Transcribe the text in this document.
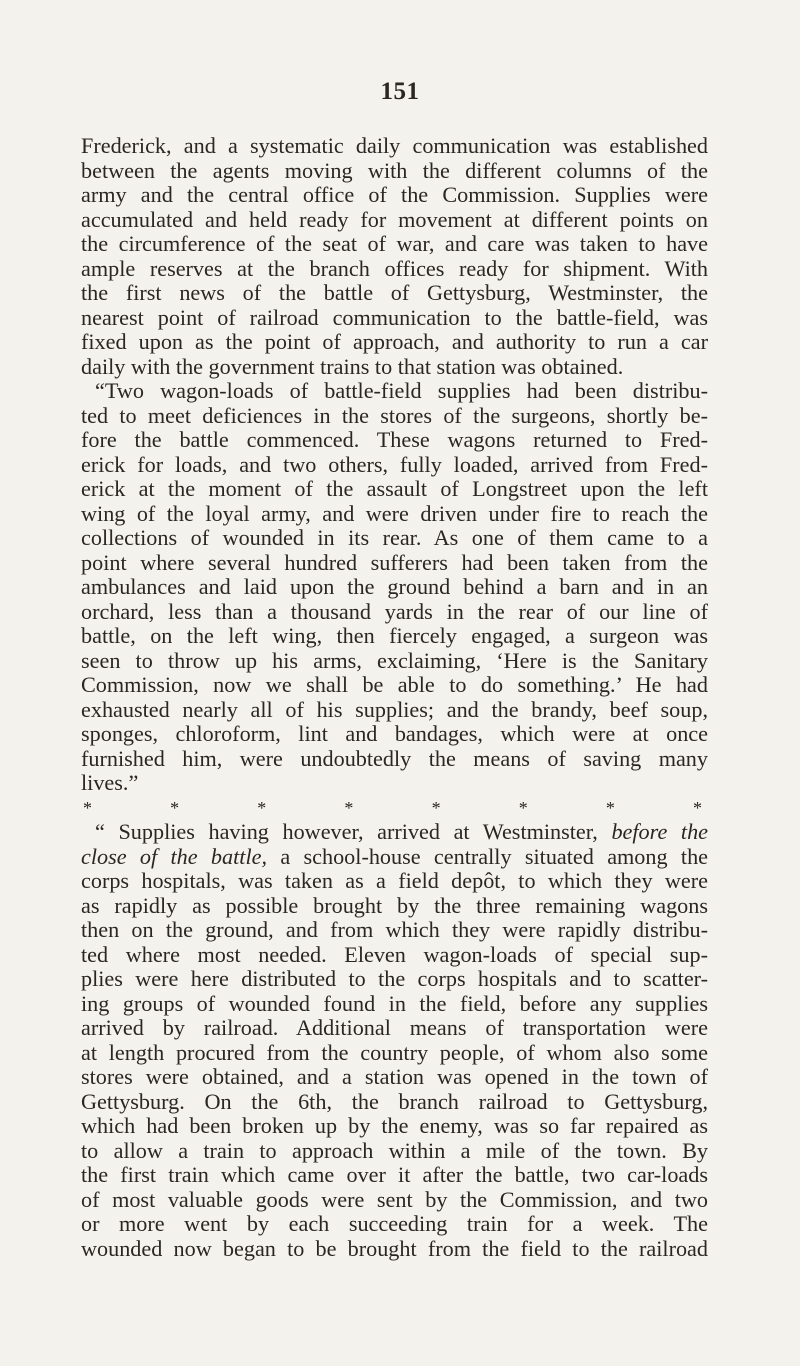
151
Frederick, and a systematic daily communication was established
between the agents moving with the different columns of the
army and the central office of the Commission. Supplies were
accumulated and held ready for movement at different points on
the circumference of the seat of war, and care was taken to have
ample reserves at the branch offices ready for shipment. With
the first news of the battle of Gettysburg, Westminster, the
nearest point of railroad communication to the battle-field, was
fixed upon as the point of approach, and authority to run a car
daily with the government trains to that station was obtained.
“Two wagon-loads of battle-field supplies had been distribu-
ted to meet deficiences in the stores of the surgeons, shortly be-
fore the battle commenced. These wagons returned to Fred-
erick for loads, and two others, fully loaded, arrived from Fred-
erick at the moment of the assault of Longstreet upon the left
wing of the loyal army, and were driven under fire to reach the
collections of wounded in its rear. As one of them came to a
point where several hundred sufferers had been taken from the
ambulances and laid upon the ground behind a barn and in an
orchard, less than a thousand yards in the rear of our line of
battle, on the left wing, then fiercely engaged, a surgeon was
seen to throw up his arms, exclaiming, ‘Here is the Sanitary
Commission, now we shall be able to do something.’ He had
exhausted nearly all of his supplies; and the brandy, beef soup,
sponges, chloroform, lint and bandages, which were at once
furnished him, were undoubtedly the means of saving many
lives.”
*	*	*	*	*	*	*	*
“ Supplies having however, arrived at Westminster, before the
close of the battle, a school-house centrally situated among the
corps hospitals, was taken as a field depôt, to which they were
as rapidly as possible brought by the three remaining wagons
then on the ground, and from which they were rapidly distribu-
ted where most needed. Eleven wagon-loads of special sup-
plies were here distributed to the corps hospitals and to scatter-
ing groups of wounded found in the field, before any supplies
arrived by railroad. Additional means of transportation were
at length procured from the country people, of whom also some
stores were obtained, and a station was opened in the town of
Gettysburg. On the 6th, the branch railroad to Gettysburg,
which had been broken up by the enemy, was so far repaired as
to allow a train to approach within a mile of the town. By
the first train which came over it after the battle, two car-loads
of most valuable goods were sent by the Commission, and two
or more went by each succeeding train for a week. The
wounded now began to be brought from the field to the railroad
